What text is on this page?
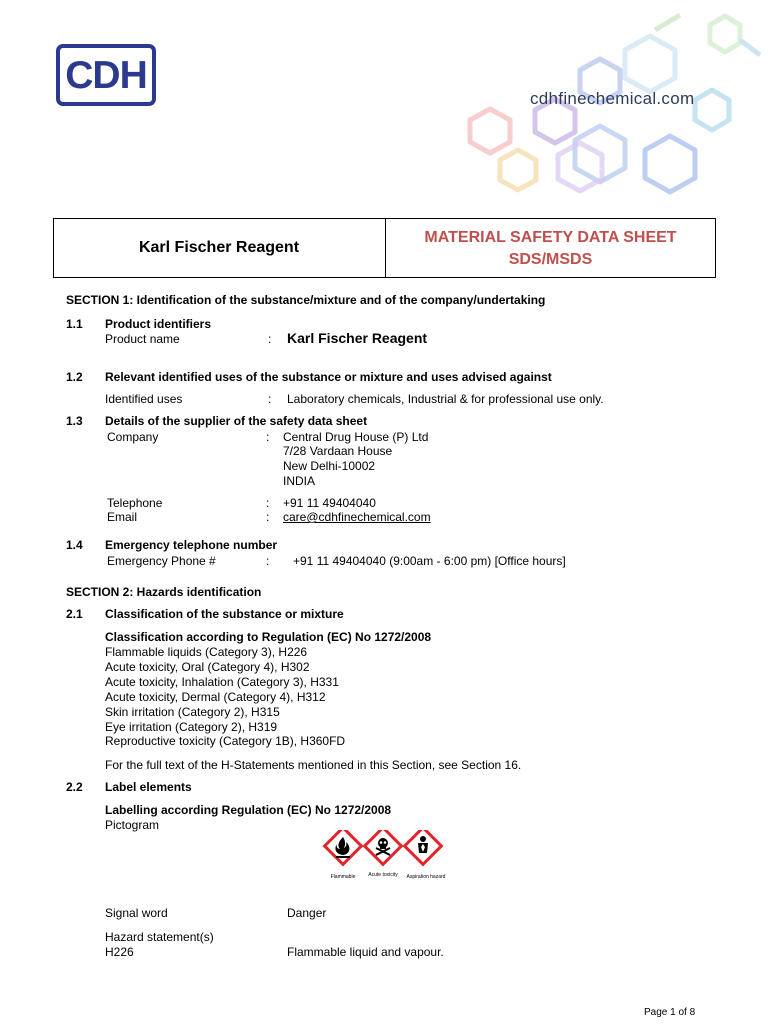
CDH
cdhfinechemical.com
Karl Fischer Reagent
MATERIAL SAFETY DATA SHEET
SDS/MSDS
SECTION 1: Identification of the substance/mixture and of the company/undertaking
1.1 Product identifiers
Product name	: Karl Fischer Reagent
1.2 Relevant identified uses of the substance or mixture and uses advised against
Identified uses	: Laboratory chemicals, Industrial & for professional use only.
1.3 Details of the supplier of the safety data sheet
Company	: Central Drug House (P) Ltd
7/28 Vardaan House
New Delhi-10002
INDIA
Telephone	: +91 11 49404040
Email	: care@cdhfinechemical.com
1.4 Emergency telephone number
Emergency Phone #	: +91 11 49404040 (9:00am - 6:00 pm) [Office hours]
SECTION 2: Hazards identification
2.1 Classification of the substance or mixture
Classification according to Regulation (EC) No 1272/2008
Flammable liquids (Category 3), H226
Acute toxicity, Oral (Category 4), H302
Acute toxicity, Inhalation (Category 3), H331
Acute toxicity, Dermal (Category 4), H312
Skin irritation (Category 2), H315
Eye irritation (Category 2), H319
Reproductive toxicity (Category 1B), H360FD
For the full text of the H-Statements mentioned in this Section, see Section 16.
2.2 Label elements
Labelling according Regulation (EC) No 1272/2008
Pictogram
Flammable	Acute toxicity Aspiration hazard
Signal word	Danger
Hazard statement(s)
H226	Flammable liquid and vapour.
Page 1 of 8
